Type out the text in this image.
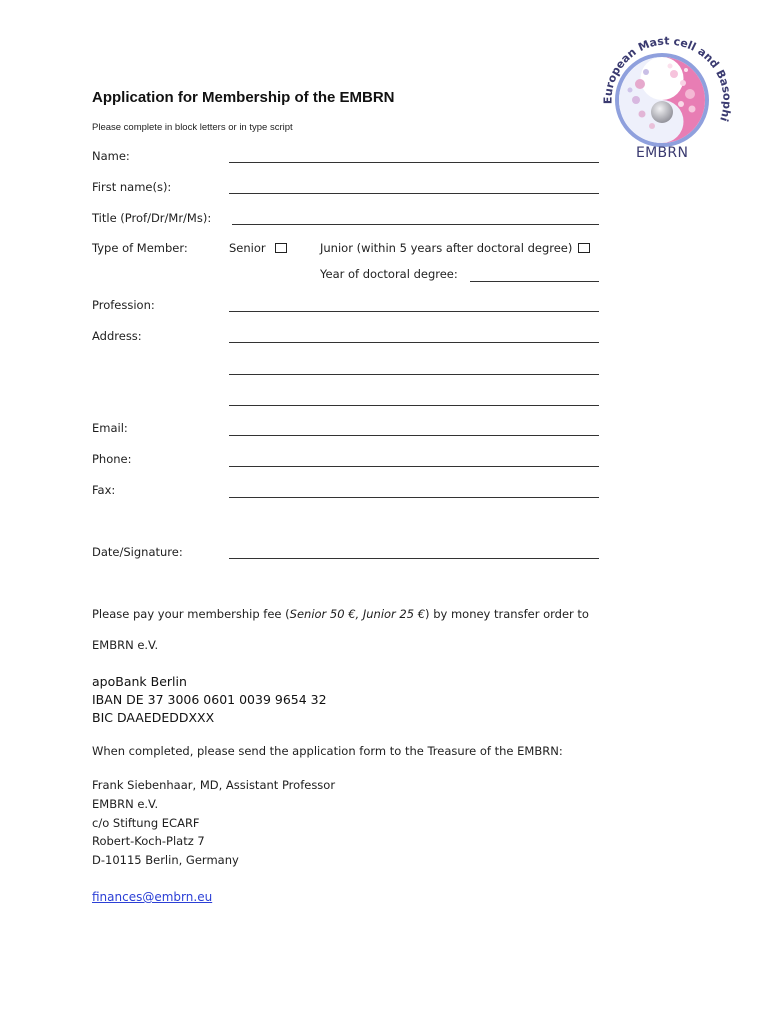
European Mast cell and Basophi
EMBRN
Application for Membership of the EMBRN
Please complete in block letters or in type script
Name:
First name(s):
Title (Prof/Dr/Mr/Ms):
Type of Member:	Senior	Junior (within 5 years after doctoral degree)
Year of doctoral degree:
Profession:
Address:
Email:
Phone:
Fax:
Date/Signature:
Please pay your membership fee (Senior 50 €, Junior 25 €) by money transfer order to
EMBRN e.V.
apoBank Berlin
IBAN DE 37 3006 0601 0039 9654 32
BIC DAAEDEDDXXX
When completed, please send the application form to the Treasure of the EMBRN:
Frank Siebenhaar, MD, Assistant Professor
EMBRN e.V.
c/o Stiftung ECARF
Robert-Koch-Platz 7
D-10115 Berlin, Germany
finances@embrn.eu
